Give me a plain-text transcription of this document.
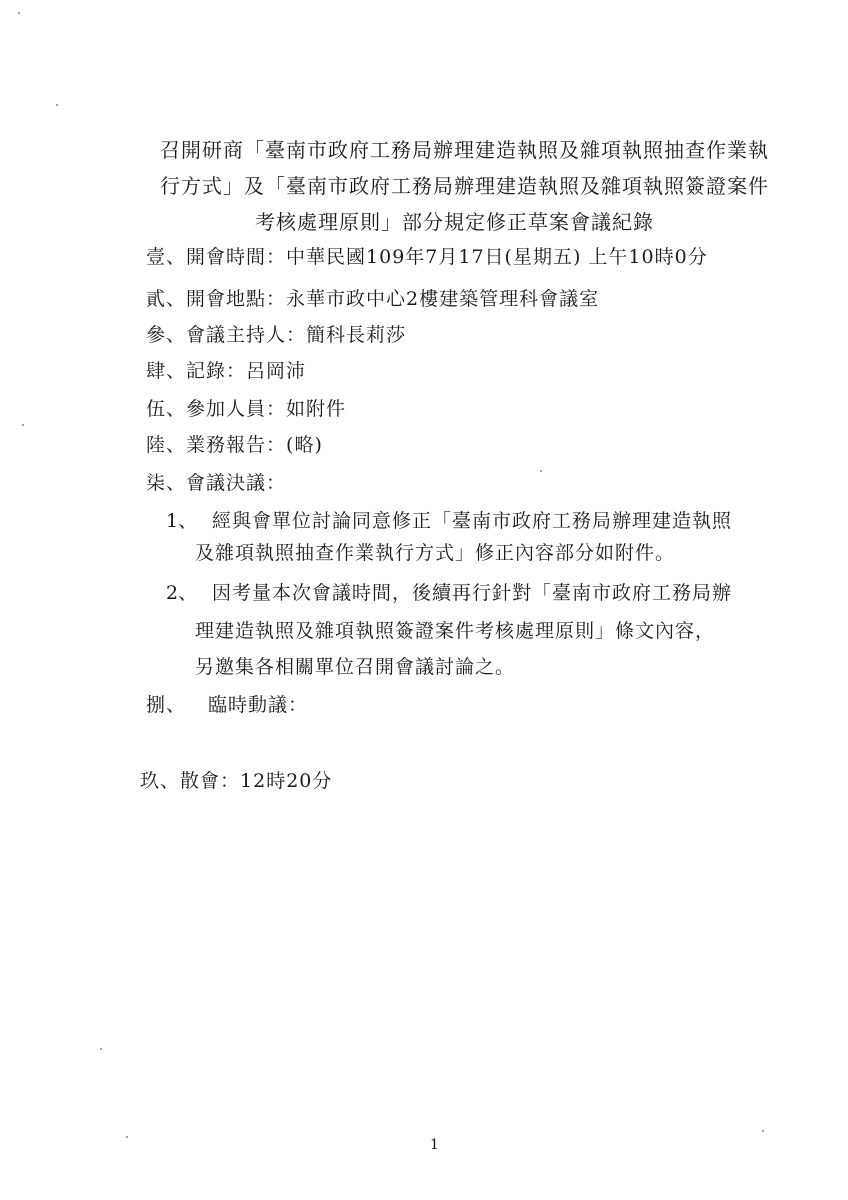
召開研商「臺南市政府工務局辦理建造執照及雜項執照抽查作業執
行方式」及「臺南市政府工務局辦理建造執照及雜項執照簽證案件
考核處理原則」部分規定修正草案會議紀錄
壹、開會時間：中華民國109年7月17日(星期五) 上午10時0分
貳、開會地點：永華市政中心2樓建築管理科會議室
參、會議主持人：簡科長莉莎
肆、記錄：呂岡沛
伍、參加人員：如附件
陸、業務報告：(略)
柒、會議決議：
1、 經與會單位討論同意修正「臺南市政府工務局辦理建造執照
及雜項執照抽查作業執行方式」修正內容部分如附件。
2、 因考量本次會議時間，後續再行針對「臺南市政府工務局辦
理建造執照及雜項執照簽證案件考核處理原則」條文內容，
另邀集各相關單位召開會議討論之。
捌、 臨時動議：
玖、散會：12時20分
1
